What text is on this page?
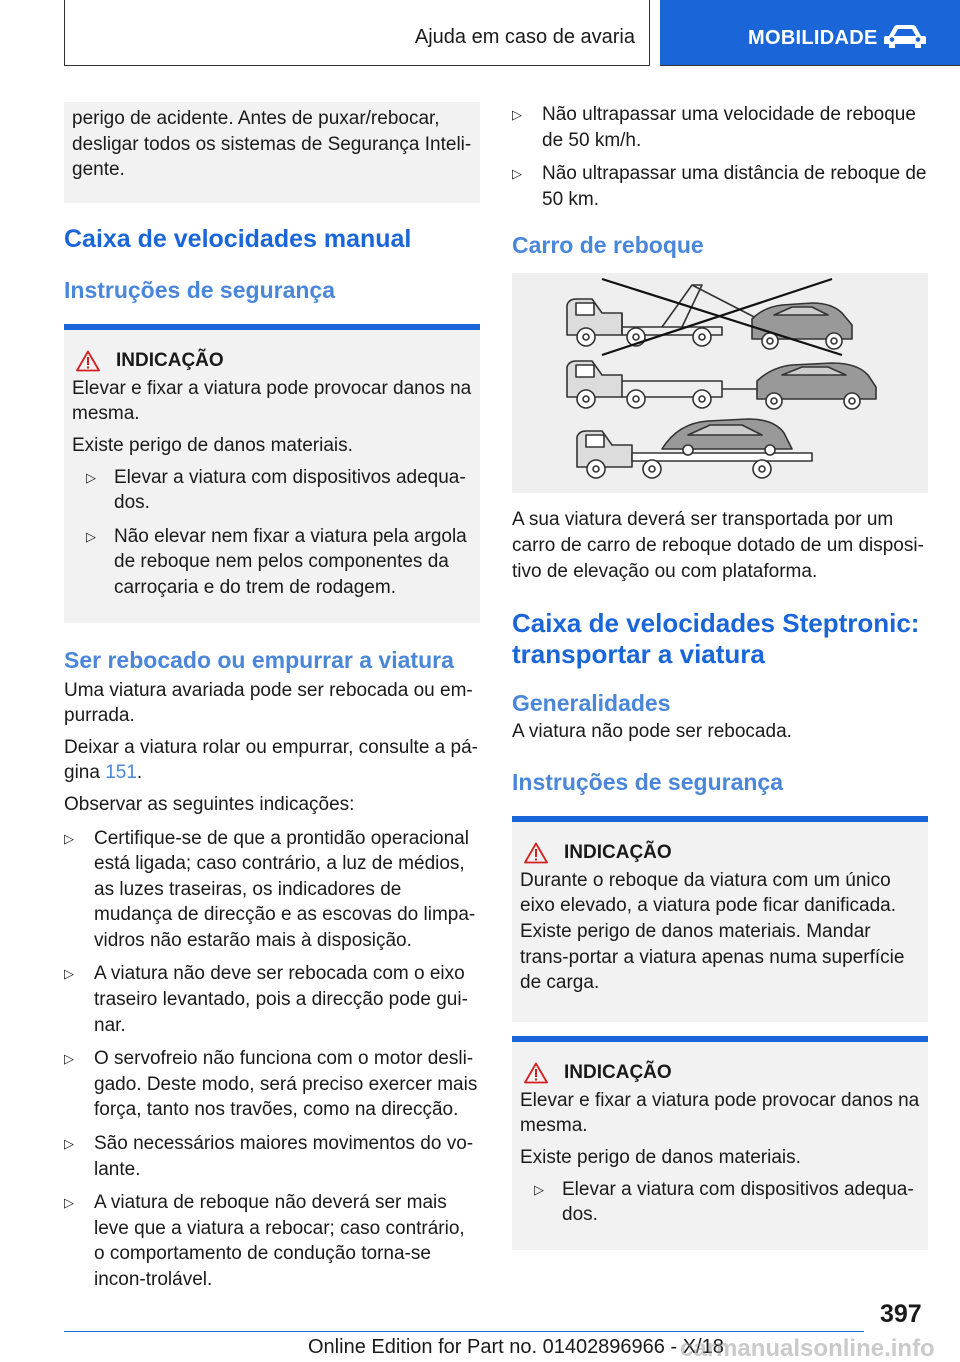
Ajuda em caso de avaria	MOBILIDADE
perigo de acidente. Antes de puxar/rebocar, desligar todos os sistemas de Segurança Inteli-gente.
Caixa de velocidades manual
Instruções de segurança
INDICAÇÃO

Elevar e fixar a viatura pode provocar danos na mesma.

Existe perigo de danos materiais.

▷ Elevar a viatura com dispositivos adequa-dos.
▷ Não elevar nem fixar a viatura pela argola de reboque nem pelos componentes da carroçaria e do trem de rodagem.
Ser rebocado ou empurrar a viatura

Uma viatura avariada pode ser rebocada ou em-purrada.

Deixar a viatura rolar ou empurrar, consulte a pá-gina 151.

Observar as seguintes indicações:

▷ Certifique-se de que a prontidão operacional está ligada; caso contrário, a luz de médios, as luzes traseiras, os indicadores de mudança de direcção e as escovas do limpa-vidros não estarão mais à disposição.
▷ A viatura não deve ser rebocada com o eixo traseiro levantado, pois a direcção pode gui-nar.
▷ O servofreio não funciona com o motor desli-gado. Deste modo, será preciso exercer mais força, tanto nos travões, como na direcção.
▷ São necessários maiores movimentos do vo-lante.
▷ A viatura de reboque não deverá ser mais leve que a viatura a rebocar; caso contrário, o comportamento de condução torna-se incon-trolável.
▷ Não ultrapassar uma velocidade de reboque de 50 km/h.
▷ Não ultrapassar uma distância de reboque de 50 km.
Carro de reboque

A sua viatura deverá ser transportada por um carro de carro de reboque dotado de um disposi-tivo de elevação ou com plataforma.

Caixa de velocidades Steptronic: transportar a viatura
Generalidades

A viatura não pode ser rebocada.

Instruções de segurança
INDICAÇÃO

Durante o reboque da viatura com um único eixo elevado, a viatura pode ficar danificada. Existe perigo de danos materiais. Mandar trans-portar a viatura apenas numa superfície de carga.

INDICAÇÃO

Elevar e fixar a viatura pode provocar danos na mesma.

Existe perigo de danos materiais.

▷ Elevar a viatura com dispositivos adequa-dos.
397
Online Edition for Part no. 01402896966 - X/18
carmanualsonline.info
